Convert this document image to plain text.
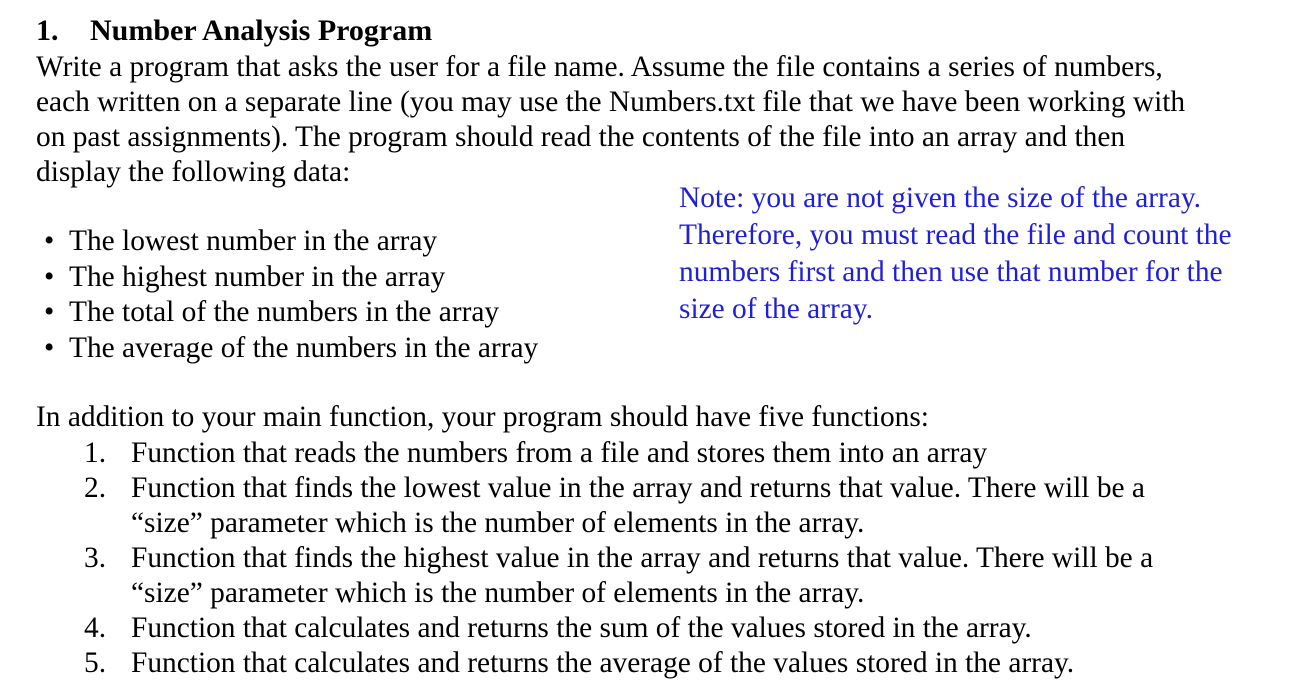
1. Number Analysis Program
Write a program that asks the user for a file name. Assume the file contains a series of numbers,
each written on a separate line (you may use the Numbers.txt file that we have been working with
on past assignments). The program should read the contents of the file into an array and then
display the following data:
• The lowest number in the array
• The highest number in the array
• The total of the numbers in the array
• The average of the numbers in the array
Note: you are not given the size of the array.
Therefore, you must read the file and count the
numbers first and then use that number for the
size of the array.
In addition to your main function, your program should have five functions:
1. Function that reads the numbers from a file and stores them into an array
2. Function that finds the lowest value in the array and returns that value. There will be a
“size” parameter which is the number of elements in the array.
3. Function that finds the highest value in the array and returns that value. There will be a
“size” parameter which is the number of elements in the array.
4. Function that calculates and returns the sum of the values stored in the array.
5. Function that calculates and returns the average of the values stored in the array.
